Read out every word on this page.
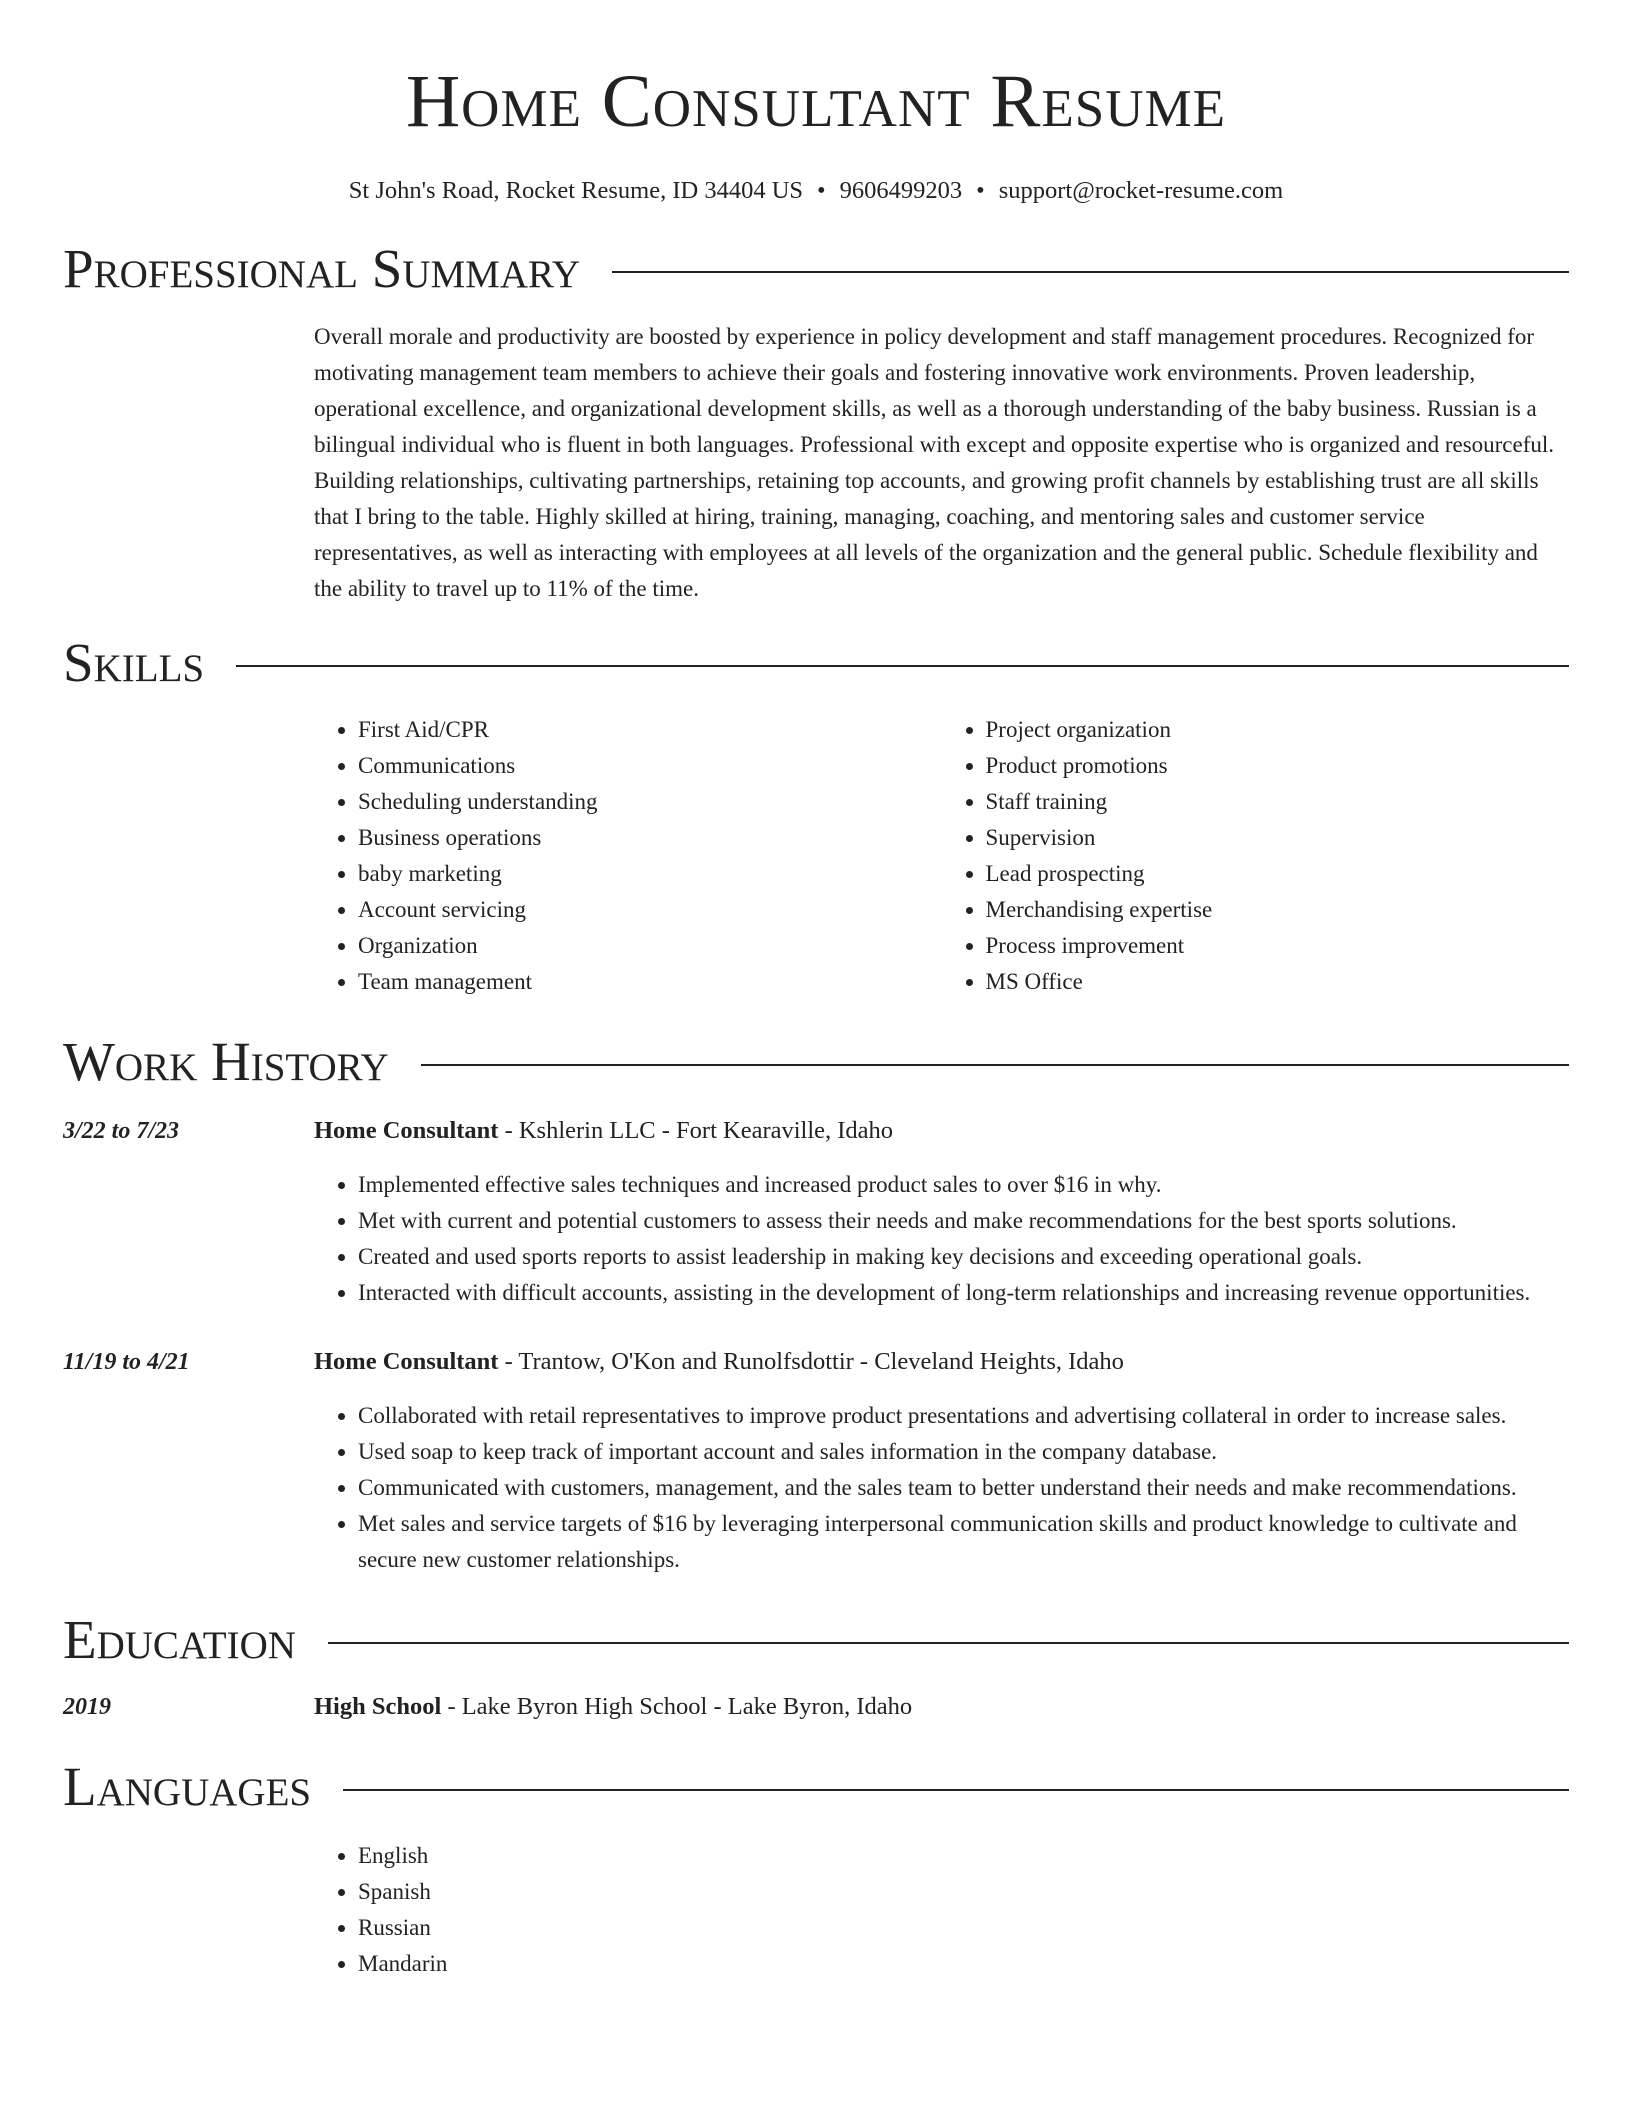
Home Consultant Resume
St John's Road, Rocket Resume, ID 34404 US • 9606499203 • support@rocket-resume.com
Professional Summary

Overall morale and productivity are boosted by experience in policy development and staff management procedures. Recognized for motivating management team members to achieve their goals and fostering innovative work environments. Proven leadership, operational excellence, and organizational development skills, as well as a thorough understanding of the baby business. Russian is a bilingual individual who is fluent in both languages. Professional with except and opposite expertise who is organized and resourceful. Building relationships, cultivating partnerships, retaining top accounts, and growing profit channels by establishing trust are all skills that I bring to the table. Highly skilled at hiring, training, managing, coaching, and mentoring sales and customer service representatives, as well as interacting with employees at all levels of the organization and the general public. Schedule flexibility and the ability to travel up to 11% of the time.

Skills
• First Aid/CPR
• Communications
• Scheduling understanding
• Business operations
• baby marketing
• Account servicing
• Organization
• Team management
• Project organization
• Product promotions
• Staff training
• Supervision
• Lead prospecting
• Merchandising expertise
• Process improvement
• MS Office
Work History
3/22 to 7/23	Home Consultant - Kshlerin LLC - Fort Kearaville, Idaho
• Implemented effective sales techniques and increased product sales to over $16 in why.
• Met with current and potential customers to assess their needs and make recommendations for the best sports solutions.
• Created and used sports reports to assist leadership in making key decisions and exceeding operational goals.
• Interacted with difficult accounts, assisting in the development of long-term relationships and increasing revenue opportunities.
11/19 to 4/21	Home Consultant - Trantow, O'Kon and Runolfsdottir - Cleveland Heights, Idaho
• Collaborated with retail representatives to improve product presentations and advertising collateral in order to increase sales.
• Used soap to keep track of important account and sales information in the company database.
• Communicated with customers, management, and the sales team to better understand their needs and make recommendations.
• Met sales and service targets of $16 by leveraging interpersonal communication skills and product knowledge to cultivate and secure new customer relationships.
Education
2019	High School - Lake Byron High School - Lake Byron, Idaho
Languages
• English
• Spanish
• Russian
• Mandarin
